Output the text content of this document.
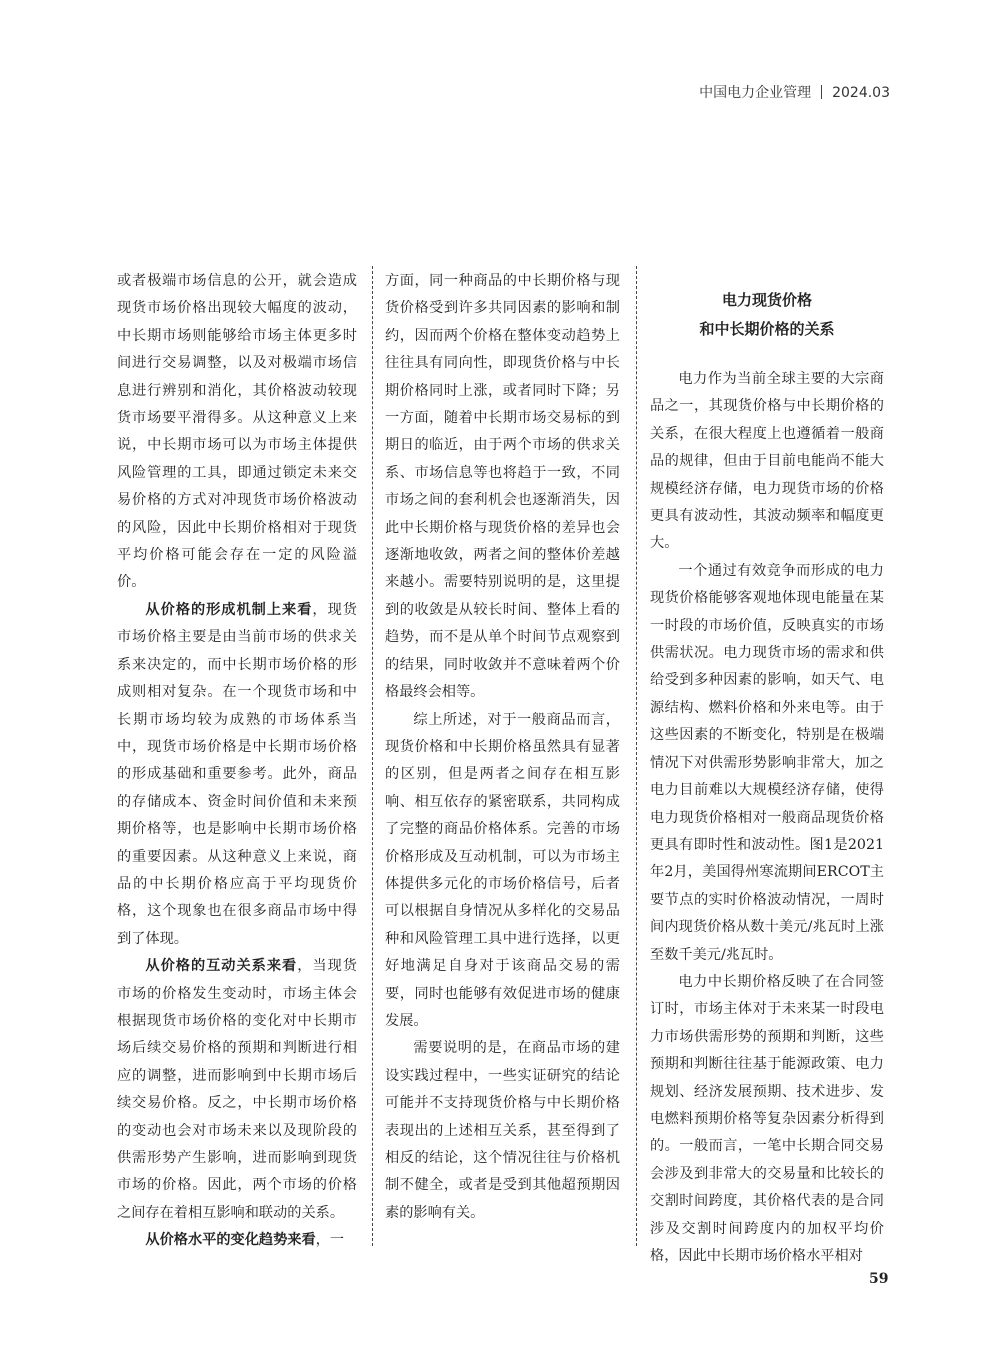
中国电力企业管理 2024.03

或者极端市场信息的公开，就会造成现货市场价格出现较大幅度的波动，中长期市场则能够给市场主体更多时间进行交易调整，以及对极端市场信息进行辨别和消化，其价格波动较现货市场要平滑得多。从这种意义上来说，中长期市场可以为市场主体提供风险管理的工具，即通过锁定未来交易价格的方式对冲现货市场价格波动的风险，因此中长期价格相对于现货平均价格可能会存在一定的风险溢价。

从价格的形成机制上来看，现货市场价格主要是由当前市场的供求关系来决定的，而中长期市场价格的形成则相对复杂。在一个现货市场和中长期市场均较为成熟的市场体系当中，现货市场价格是中长期市场价格的形成基础和重要参考。此外，商品的存储成本、资金时间价值和未来预期价格等，也是影响中长期市场价格的重要因素。从这种意义上来说，商品的中长期价格应高于平均现货价格，这个现象也在很多商品市场中得到了体现。

从价格的互动关系来看，当现货市场的价格发生变动时，市场主体会根据现货市场价格的变化对中长期市场后续交易价格的预期和判断进行相应的调整，进而影响到中长期市场后续交易价格。反之，中长期市场价格的变动也会对市场未来以及现阶段的供需形势产生影响，进而影响到现货市场的价格。因此，两个市场的价格之间存在着相互影响和联动的关系。

从价格水平的变化趋势来看，一

方面，同一种商品的中长期价格与现货价格受到许多共同因素的影响和制约，因而两个价格在整体变动趋势上往往具有同向性，即现货价格与中长期价格同时上涨，或者同时下降；另一方面，随着中长期市场交易标的到期日的临近，由于两个市场的供求关系、市场信息等也将趋于一致，不同市场之间的套利机会也逐渐消失，因此中长期价格与现货价格的差异也会逐渐地收敛，两者之间的整体价差越来越小。需要特别说明的是，这里提到的收敛是从较长时间、整体上看的趋势，而不是从单个时间节点观察到的结果，同时收敛并不意味着两个价格最终会相等。

综上所述，对于一般商品而言，现货价格和中长期价格虽然具有显著的区别，但是两者之间存在相互影响、相互依存的紧密联系，共同构成了完整的商品价格体系。完善的市场价格形成及互动机制，可以为市场主体提供多元化的市场价格信号，后者可以根据自身情况从多样化的交易品种和风险管理工具中进行选择，以更好地满足自身对于该商品交易的需要，同时也能够有效促进市场的健康发展。

需要说明的是，在商品市场的建设实践过程中，一些实证研究的结论可能并不支持现货价格与中长期价格表现出的上述相互关系，甚至得到了相反的结论，这个情况往往与价格机制不健全，或者是受到其他超预期因素的影响有关。

电力现货价格
和中长期价格的关系

电力作为当前全球主要的大宗商品之一，其现货价格与中长期价格的关系，在很大程度上也遵循着一般商品的规律，但由于目前电能尚不能大规模经济存储，电力现货市场的价格更具有波动性，其波动频率和幅度更大。

一个通过有效竞争而形成的电力现货价格能够客观地体现电能量在某一时段的市场价值，反映真实的市场供需状况。电力现货市场的需求和供给受到多种因素的影响，如天气、电源结构、燃料价格和外来电等。由于这些因素的不断变化，特别是在极端情况下对供需形势影响非常大，加之电力目前难以大规模经济存储，使得电力现货价格相对一般商品现货价格更具有即时性和波动性。图1是2021年2月，美国得州寒流期间ERCOT主要节点的实时价格波动情况，一周时间内现货价格从数十美元/兆瓦时上涨至数千美元/兆瓦时。

电力中长期价格反映了在合同签订时，市场主体对于未来某一时段电力市场供需形势的预期和判断，这些预期和判断往往基于能源政策、电力规划、经济发展预期、技术进步、发电燃料预期价格等复杂因素分析得到的。一般而言，一笔中长期合同交易会涉及到非常大的交易量和比较长的交割时间跨度，其价格代表的是合同涉及交割时间跨度内的加权平均价格，因此中长期市场价格水平相对

59
